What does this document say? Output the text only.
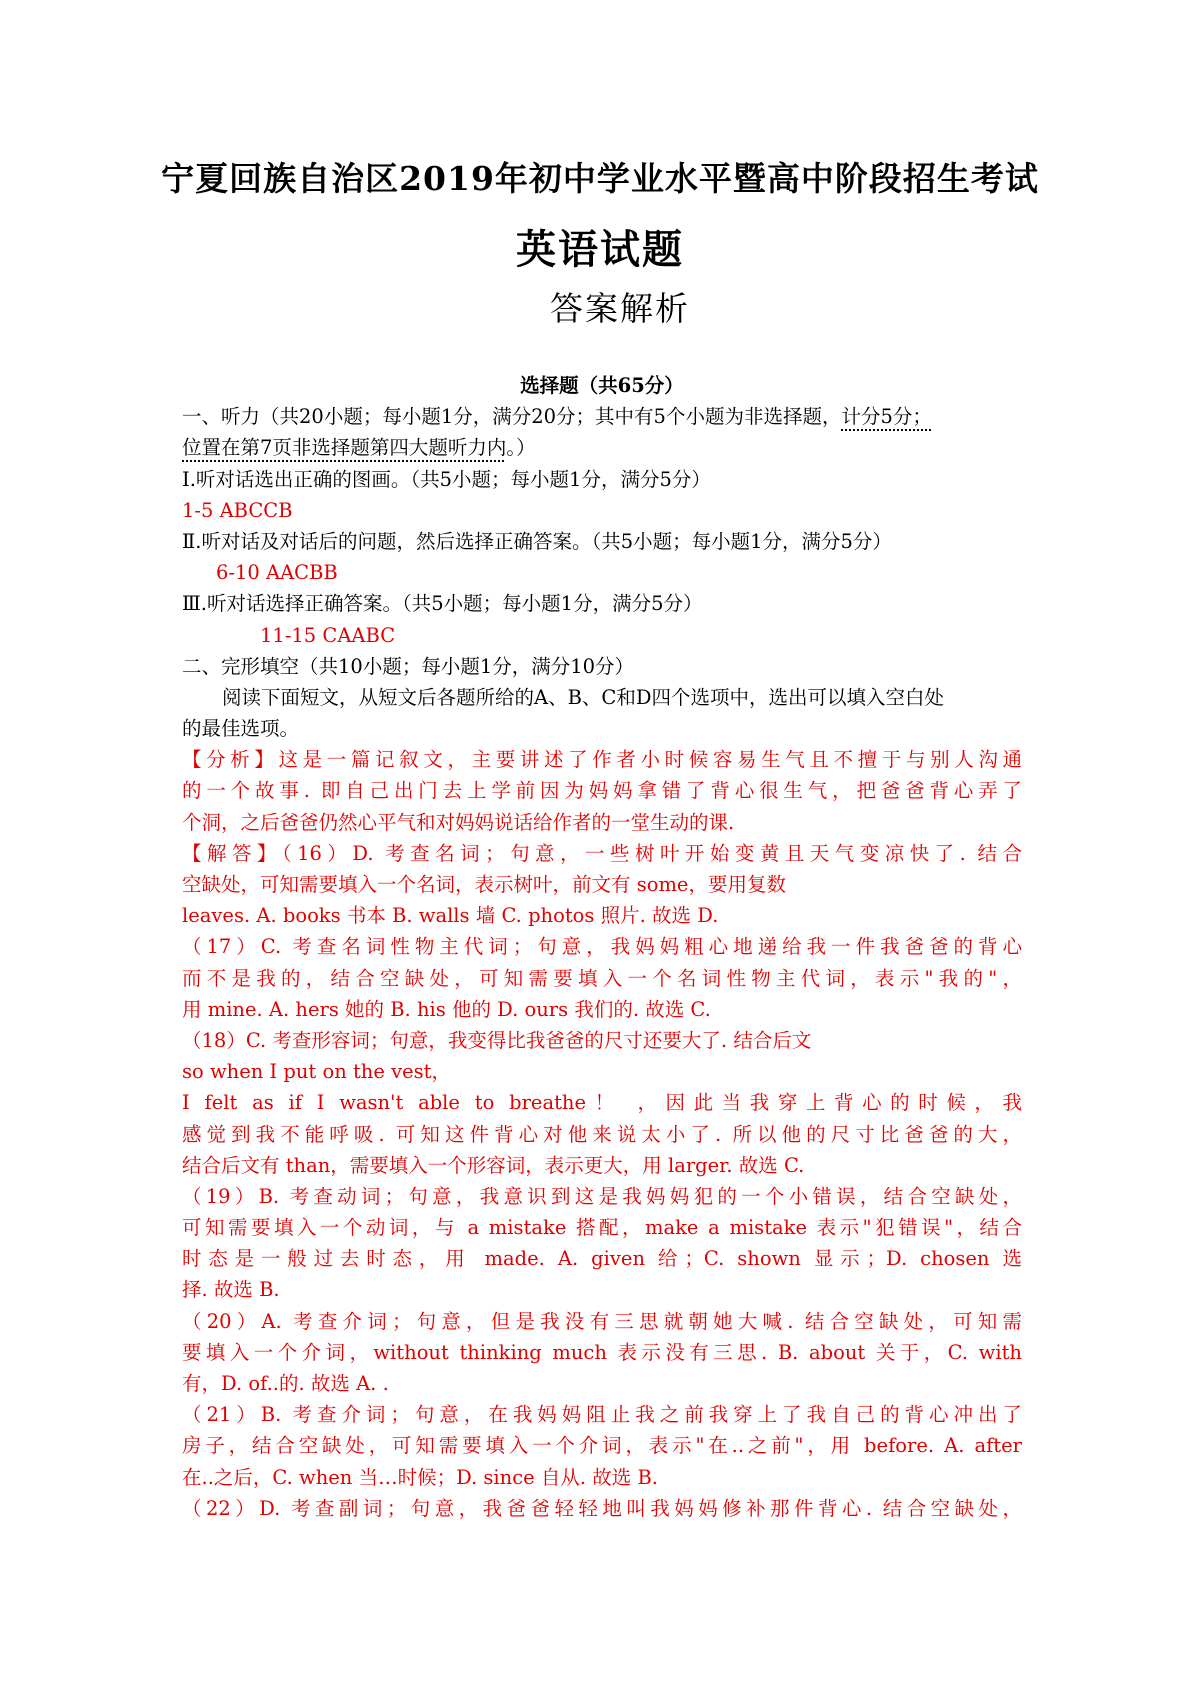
宁夏回族自治区2019年初中学业水平暨高中阶段招生考试
英语试题
答案解析
选择题（共65分）
一、听力（共20小题；每小题1分，满分20分；其中有5个小题为非选择题，计分5分；
位置在第7页非选择题第四大题听力内。）
Ⅰ.听对话选出正确的图画。（共5小题；每小题1分，满分5分）
1-5 ABCCB
Ⅱ.听对话及对话后的问题，然后选择正确答案。（共5小题；每小题1分，满分5分）
6-10 AACBB
Ⅲ.听对话选择正确答案。（共5小题；每小题1分，满分5分）
11-15 CAABC
二、完形填空（共10小题；每小题1分，满分10分）
阅读下面短文，从短文后各题所给的A、B、C和D四个选项中，选出可以填入空白处
的最佳选项。
【分析】这是一篇记叙文，主要讲述了作者小时候容易生气且不擅于与别人沟通
的一个故事. 即自己出门去上学前因为妈妈拿错了背心很生气，把爸爸背心弄了
个洞，之后爸爸仍然心平气和对妈妈说话给作者的一堂生动的课.
【解答】（16）D. 考查名词；句意，一些树叶开始变黄且天气变凉快了. 结合
空缺处，可知需要填入一个名词，表示树叶，前文有 some，要用复数
leaves. A. books 书本 B. walls 墙 C. photos 照片. 故选 D.
（17）C. 考查名词性物主代词；句意，我妈妈粗心地递给我一件我爸爸的背心
而不是我的，结合空缺处，可知需要填入一个名词性物主代词，表示"我的"，
用 mine. A. hers 她的 B. his 他的 D. ours 我们的. 故选 C.
（18）C. 考查形容词；句意，我变得比我爸爸的尺寸还要大了. 结合后文
so when I put on the vest，
I felt as if I wasn't able to breathe！ ，因此当我穿上背心的时候，我
感觉到我不能呼吸. 可知这件背心对他来说太小了. 所以他的尺寸比爸爸的大，
结合后文有 than，需要填入一个形容词，表示更大，用 larger. 故选 C.
（19）B. 考查动词；句意，我意识到这是我妈妈犯的一个小错误，结合空缺处，
可知需要填入一个动词，与 a mistake 搭配，make a mistake 表示"犯错误"，结合
时态是一般过去时态，用 made. A. given 给；C. shown 显示；D. chosen 选
择. 故选 B.
（20）A. 考查介词；句意，但是我没有三思就朝她大喊. 结合空缺处，可知需
要填入一个介词，without thinking much 表示没有三思. B. about 关于，C. with
有，D. of..的. 故选 A. .
（21）B. 考查介词；句意，在我妈妈阻止我之前我穿上了我自己的背心冲出了
房子，结合空缺处，可知需要填入一个介词，表示"在..之前"，用 before. A. after
在..之后，C. when 当…时候；D. since 自从. 故选 B.
（22）D. 考查副词；句意，我爸爸轻轻地叫我妈妈修补那件背心. 结合空缺处，
